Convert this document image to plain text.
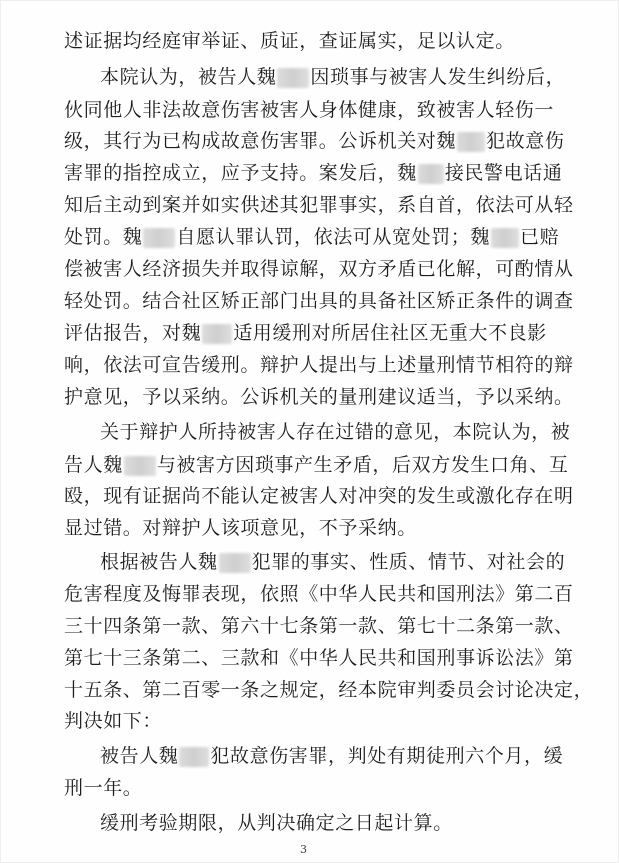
述证据均经庭审举证、质证，查证属实，足以认定。
本院认为，被告人魏 因琐事与被害人发生纠纷后，
伙同他人非法故意伤害被害人身体健康，致被害人轻伤一
级，其行为已构成故意伤害罪。公诉机关对魏 犯故意伤
害罪的指控成立，应予支持。案发后，魏 接民警电话通
知后主动到案并如实供述其犯罪事实，系自首，依法可从轻
处罚。魏 自愿认罪认罚，依法可从宽处罚；魏 已赔
偿被害人经济损失并取得谅解，双方矛盾已化解，可酌情从
轻处罚。结合社区矫正部门出具的具备社区矫正条件的调查
评估报告，对魏 适用缓刑对所居住社区无重大不良影
响，依法可宣告缓刑。辩护人提出与上述量刑情节相符的辩
护意见，予以采纳。公诉机关的量刑建议适当，予以采纳。
关于辩护人所持被害人存在过错的意见，本院认为，被
告人魏 与被害方因琐事产生矛盾，后双方发生口角、互
殴，现有证据尚不能认定被害人对冲突的发生或激化存在明
显过错。对辩护人该项意见，不予采纳。
根据被告人魏 犯罪的事实、性质、情节、对社会的
危害程度及悔罪表现，依照《中华人民共和国刑法》第二百
三十四条第一款、第六十七条第一款、第七十二条第一款、
第七十三条第二、三款和《中华人民共和国刑事诉讼法》第
十五条、第二百零一条之规定，经本院审判委员会讨论决定，
判决如下：
被告人魏 犯故意伤害罪，判处有期徒刑六个月，缓
刑一年。
缓刑考验期限，从判决确定之日起计算。
3
